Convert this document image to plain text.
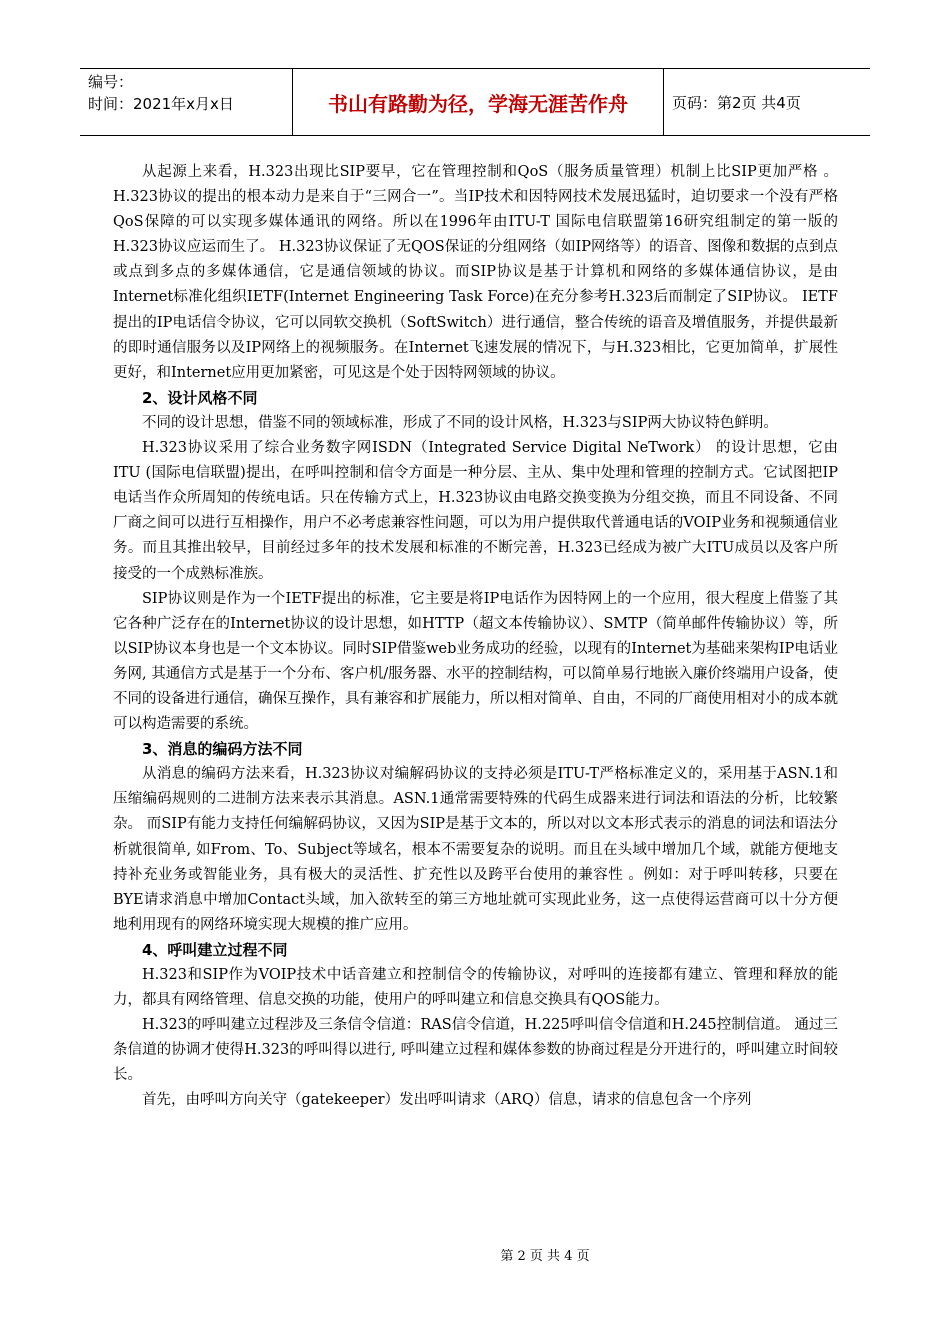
编号：
时间：2021年x月x日	书山有路勤为径，学海无涯苦作舟	页码：第2页 共4页

从起源上来看，H.323出现比SIP要早，它在管理控制和QoS（服务质量管理）机制上比SIP更加严格 。H.323协议的提出的根本动力是来自于“三网合一”。当IP技术和因特网技术发展迅猛时，迫切要求一个没有严格QoS保障的可以实现多媒体通讯的网络。所以在1996年由ITU-T 国际电信联盟第16研究组制定的第一版的H.323协议应运而生了。 H.323协议保证了无QOS保证的分组网络（如IP网络等）的语音、图像和数据的点到点或点到多点的多媒体通信，它是通信领域的协议。而SIP协议是基于计算机和网络的多媒体通信协议，是由Internet标准化组织IETF(Internet Engineering Task Force)在充分参考H.323后而制定了SIP协议。 IETF提出的IP电话信令协议，它可以同软交换机（SoftSwitch）进行通信，整合传统的语音及增值服务，并提供最新的即时通信服务以及IP网络上的视频服务。在Internet飞速发展的情况下，与H.323相比，它更加简单，扩展性更好，和Internet应用更加紧密，可见这是个处于因特网领域的协议。

2、设计风格不同

不同的设计思想，借鉴不同的领域标准，形成了不同的设计风格，H.323与SIP两大协议特色鲜明。

H.323协议采用了综合业务数字网ISDN（Integrated Service Digital NeTwork） 的设计思想，它由ITU (国际电信联盟)提出，在呼叫控制和信令方面是一种分层、主从、集中处理和管理的控制方式。它试图把IP电话当作众所周知的传统电话。只在传输方式上，H.323协议由电路交换变换为分组交换，而且不同设备、不同厂商之间可以进行互相操作，用户不必考虑兼容性问题，可以为用户提供取代普通电话的VOIP业务和视频通信业务。而且其推出较早，目前经过多年的技术发展和标准的不断完善，H.323已经成为被广大ITU成员以及客户所接受的一个成熟标准族。

SIP协议则是作为一个IETF提出的标准，它主要是将IP电话作为因特网上的一个应用，很大程度上借鉴了其它各种广泛存在的Internet协议的设计思想，如HTTP（超文本传输协议）、SMTP（简单邮件传输协议）等，所以SIP协议本身也是一个文本协议。同时SIP借鉴web业务成功的经验，以现有的Internet为基础来架构IP电话业务网, 其通信方式是基于一个分布、客户机/服务器、水平的控制结构，可以简单易行地嵌入廉价终端用户设备，使不同的设备进行通信，确保互操作，具有兼容和扩展能力，所以相对简单、自由，不同的厂商使用相对小的成本就可以构造需要的系统。

3、消息的编码方法不同

从消息的编码方法来看，H.323协议对编解码协议的支持必须是ITU-T严格标准定义的，采用基于ASN.1和压缩编码规则的二进制方法来表示其消息。ASN.1通常需要特殊的代码生成器来进行词法和语法的分析，比较繁杂。 而SIP有能力支持任何编解码协议，又因为SIP是基于文本的，所以对以文本形式表示的消息的词法和语法分析就很简单, 如From、To、Subject等域名，根本不需要复杂的说明。而且在头域中增加几个域，就能方便地支持补充业务或智能业务，具有极大的灵活性、扩充性以及跨平台使用的兼容性 。例如：对于呼叫转移，只要在BYE请求消息中增加Contact头域，加入欲转至的第三方地址就可实现此业务，这一点使得运营商可以十分方便地利用现有的网络环境实现大规模的推广应用。

4、呼叫建立过程不同

H.323和SIP作为VOIP技术中话音建立和控制信令的传输协议，对呼叫的连接都有建立、管理和释放的能力，都具有网络管理、信息交换的功能，使用户的呼叫建立和信息交换具有QOS能力。

H.323的呼叫建立过程涉及三条信令信道：RAS信令信道，H.225呼叫信令信道和H.245控制信道。 通过三条信道的协调才使得H.323的呼叫得以进行, 呼叫建立过程和媒体参数的协商过程是分开进行的，呼叫建立时间较长。

首先，由呼叫方向关守（gatekeeper）发出呼叫请求（ARQ）信息，请求的信息包含一个序列

第 2 页 共 4 页
